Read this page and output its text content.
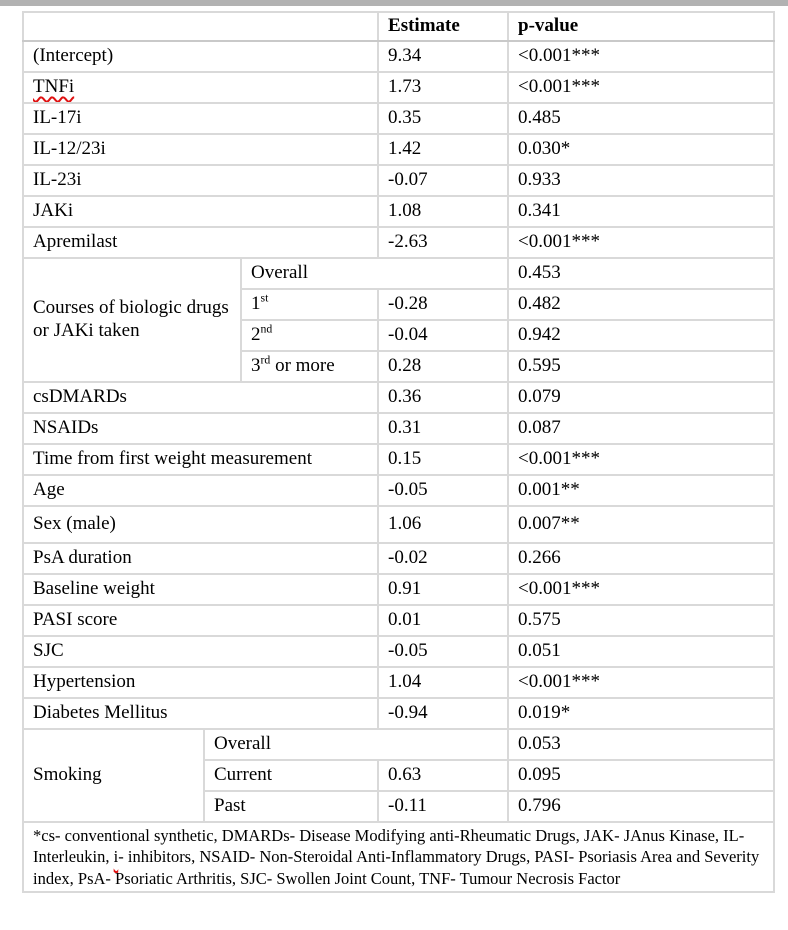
			Estimate	p-value
(Intercept)			9.34	<0.001***
TNFi			1.73	<0.001***
IL-17i			0.35	0.485
IL-12/23i			1.42	0.030*
IL-23i			-0.07	0.933
JAKi			1.08	0.341
Apremilast			-2.63	<0.001***
Courses of biologic drugs or JAKi taken		Overall		0.453
		1st	-0.28	0.482
		2nd	-0.04	0.942
		3rd or more	0.28	0.595
csDMARDs			0.36	0.079
NSAIDs			0.31	0.087
Time from first weight measurement			0.15	<0.001***
Age			-0.05	0.001**
Sex (male)			1.06	0.007**
PsA duration			-0.02	0.266
Baseline weight			0.91	<0.001***
PASI score			0.01	0.575
SJC			-0.05	0.051
Hypertension			1.04	<0.001***
Diabetes Mellitus			-0.94	0.019*
Smoking	Overall			0.053
	Current		0.63	0.095
	Past		-0.11	0.796
*cs- conventional synthetic, DMARDs- Disease Modifying anti-Rheumatic Drugs, JAK- JAnus Kinase, IL-Interleukin, i- inhibitors, NSAID- Non-Steroidal Anti-Inflammatory Drugs, PASI- Psoriasis Area and Severity index, PsA- Psoriatic Arthritis, SJC- Swollen Joint Count, TNF- Tumour Necrosis Factor				
